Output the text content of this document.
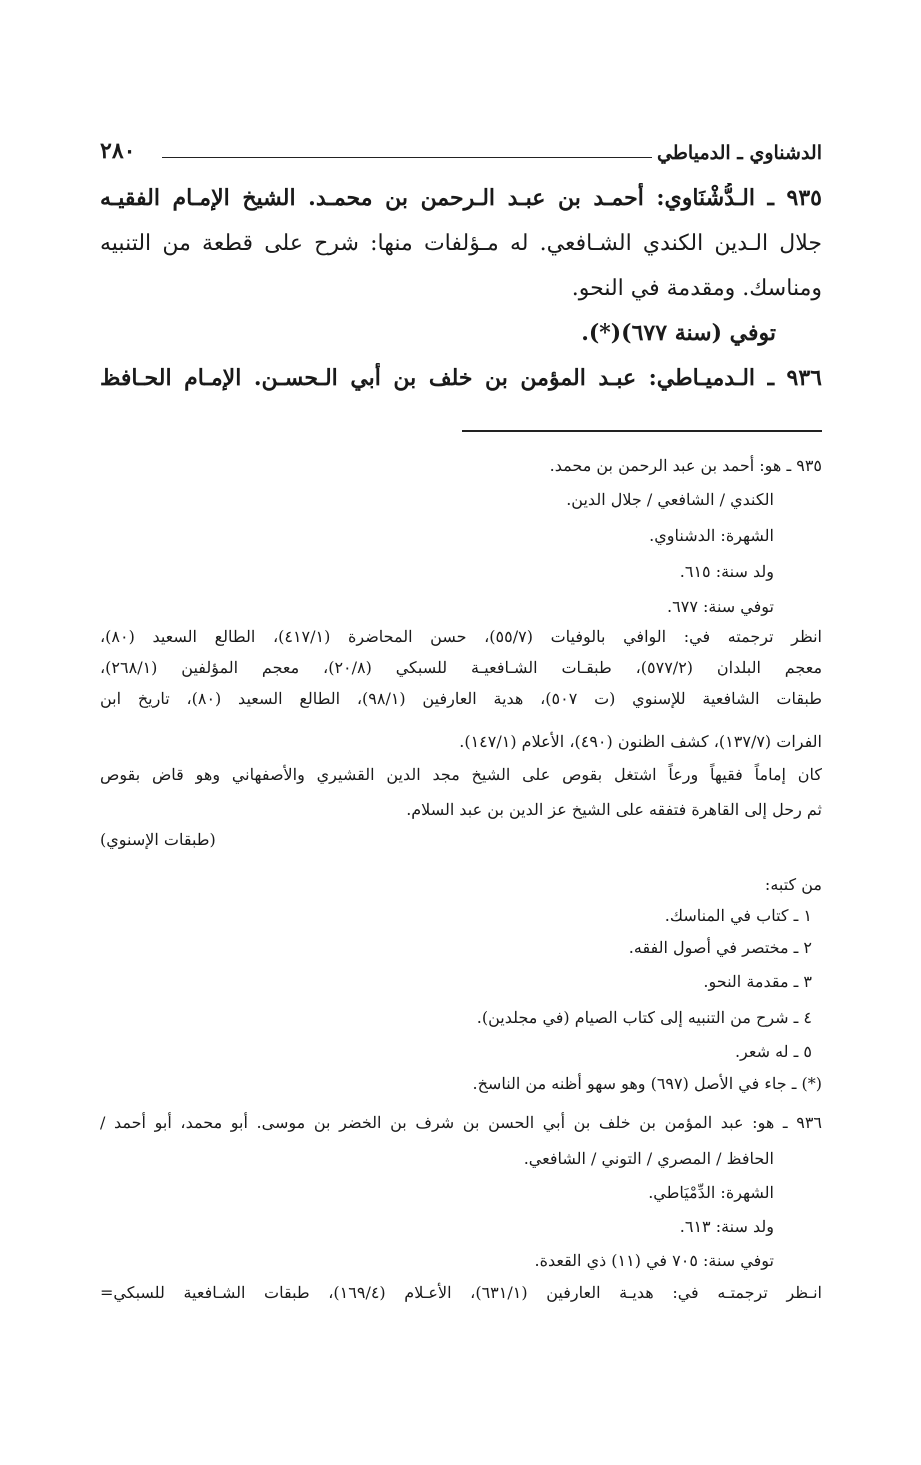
الدشناوي ـ الدمياطي
٢٨٠
٩٣٥ ـ الـدُّشْنَاوي: أحمـد بن عبـد الـرحمن بن محمـد. الشيخ الإمـام الفقيـه
جلال الـدين الكندي الشـافعي. له مـؤلفات منها: شرح على قطعة من التنبيه
ومناسك. ومقدمة في النحو.
توفي (سنة ٦٧٧)(*).
٩٣٦ ـ الـدميـاطي: عبـد المؤمن بن خلف بن أبي الـحسـن. الإمـام الحـافظ
٩٣٥ ـ هو: أحمد بن عبد الرحمن بن محمد.
الكندي / الشافعي / جلال الدين.
الشهرة: الدشناوي.
ولد سنة: ٦١٥.
توفي سنة: ٦٧٧.
انظر ترجمته في: الوافي بالوفيات (٥٥/٧)، حسن المحاضرة (٤١٧/١)، الطالع السعيد (٨٠)،
معجم البلدان (٥٧٧/٢)، طبقـات الشـافعيـة للسبكي (٢٠/٨)، معجم المؤلفين (٢٦٨/١)،
طبقات الشافعية للإسنوي (ت ٥٠٧)، هدية العارفين (٩٨/١)، الطالع السعيد (٨٠)، تاريخ ابن
الفرات (١٣٧/٧)، كشف الظنون (٤٩٠)، الأعلام (١٤٧/١).
كان إماماً فقيهاً ورعاً اشتغل بقوص على الشيخ مجد الدين القشيري والأصفهاني وهو قاض بقوص
ثم رحل إلى القاهرة فتفقه على الشيخ عز الدين بن عبد السلام.
(طبقات الإسنوي)
من كتبه:
١ ـ كتاب في المناسك.
٢ ـ مختصر في أصول الفقه.
٣ ـ مقدمة النحو.
٤ ـ شرح من التنبيه إلى كتاب الصيام (في مجلدين).
٥ ـ له شعر.
(*) ـ جاء في الأصل (٦٩٧) وهو سهو أظنه من الناسخ.
٩٣٦ ـ هو: عبد المؤمن بن خلف بن أبي الحسن بن شرف بن الخضر بن موسى. أبو محمد، أبو أحمد /
الحافظ / المصري / التوني / الشافعي.
الشهرة: الدِّمْيَاطي.
ولد سنة: ٦١٣.
توفي سنة: ٧٠٥ في (١١) ذي القعدة.
انـظر ترجمتـه في: هديـة العارفين (٦٣١/١)، الأعـلام (١٦٩/٤)، طبقات الشـافعية للسبكي=
